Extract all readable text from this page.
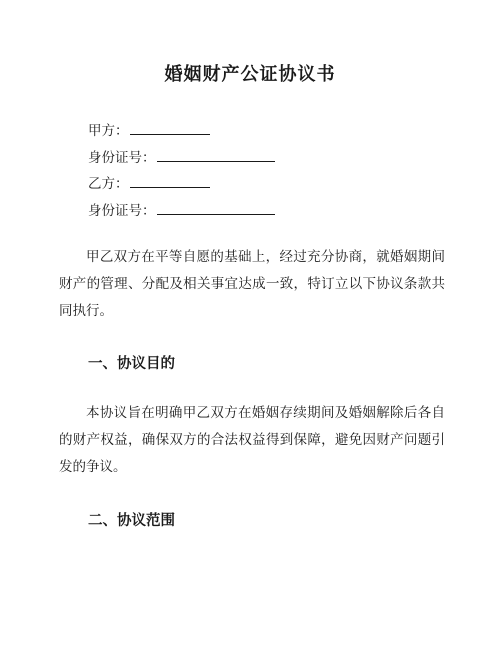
婚姻财产公证协议书
甲方：
身份证号：
乙方：
身份证号：
甲乙双方在平等自愿的基础上，经过充分协商，就婚姻期间财产的管理、分配及相关事宜达成一致，特订立以下协议条款共同执行。
一、协议目的
本协议旨在明确甲乙双方在婚姻存续期间及婚姻解除后各自的财产权益，确保双方的合法权益得到保障，避免因财产问题引发的争议。
二、协议范围
